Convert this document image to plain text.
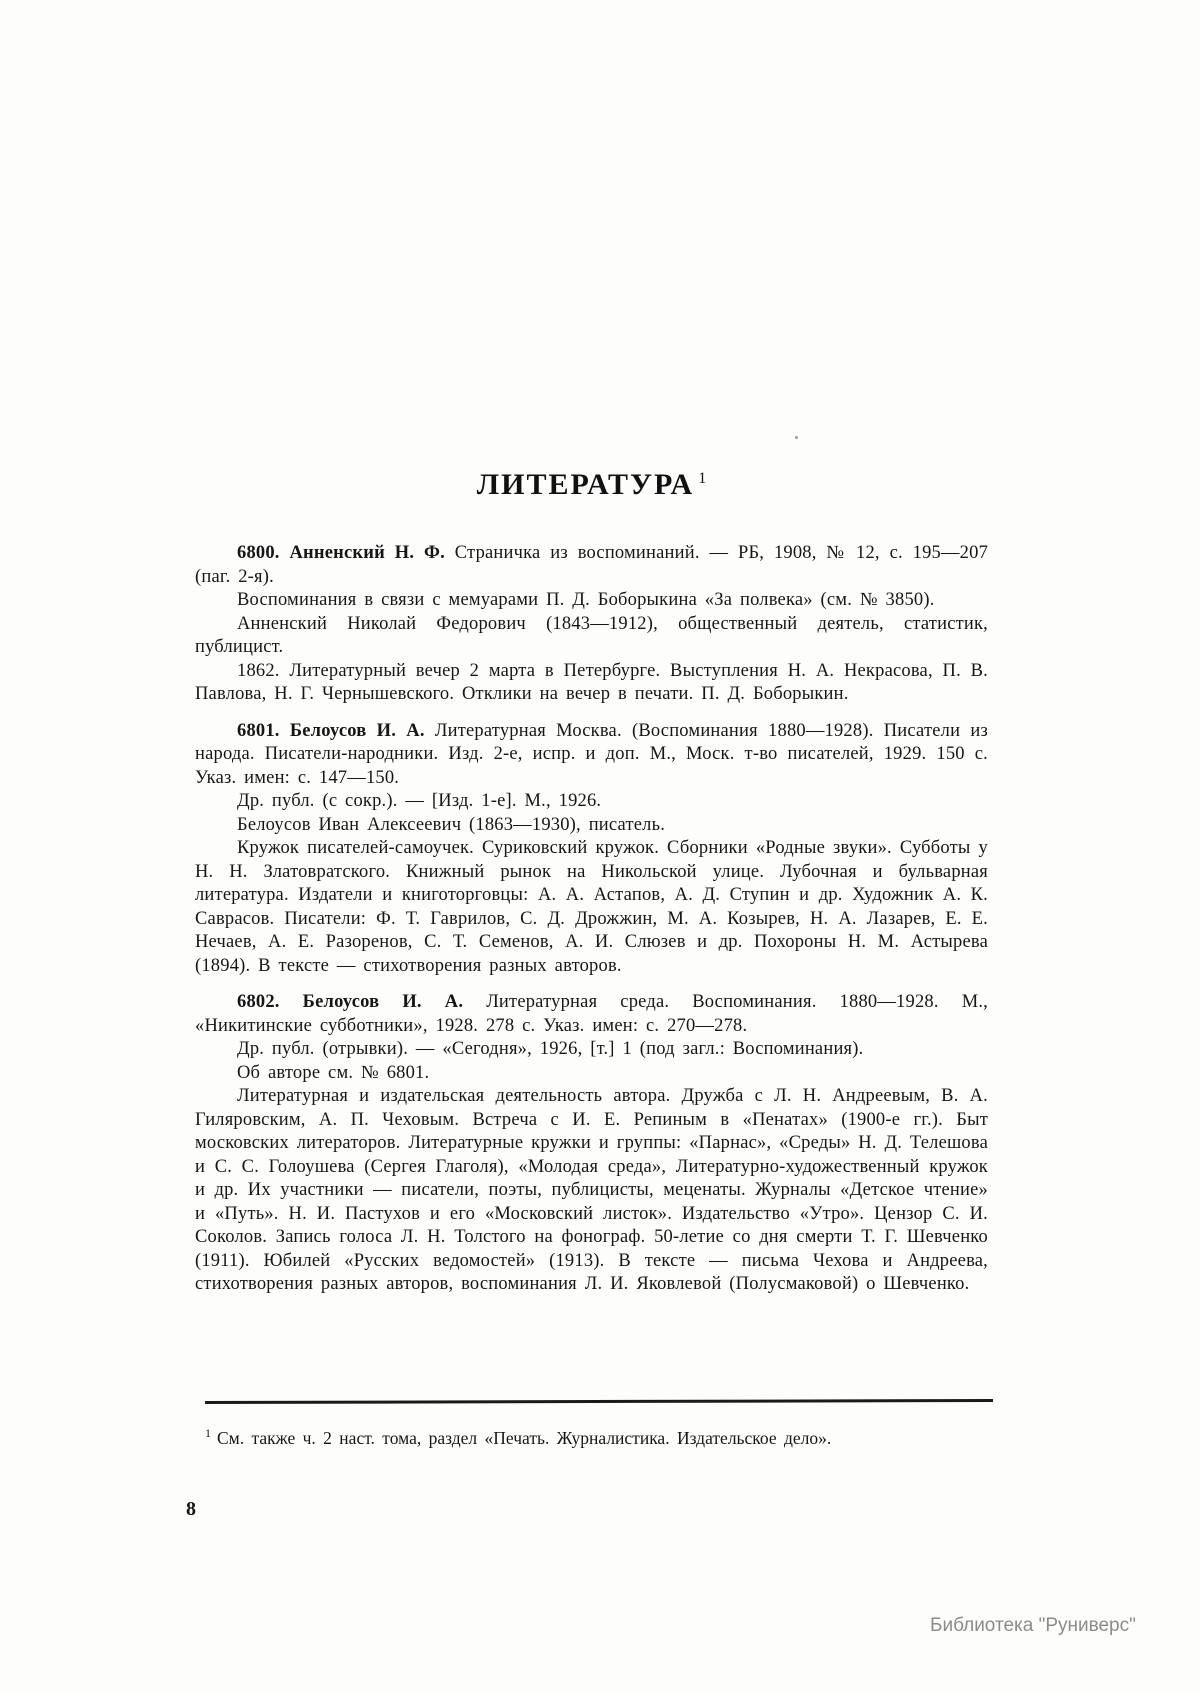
ЛИТЕРАТУРА $^1$

6800. Анненский Н. Ф. Страничка из воспоминаний. — РБ, 1908, № 12, с. 195—207 (паг. 2-я).

Воспоминания в связи с мемуарами П. Д. Боборыкина «За полвека» (см. № 3850).

Анненский Николай Федорович (1843—1912), общественный деятель, статистик, публицист.

1862. Литературный вечер 2 марта в Петербурге. Выступления Н. А. Некрасова, П. В. Павлова, Н. Г. Чернышевского. Отклики на вечер в печати. П. Д. Боборыкин.

6801. Белоусов И. А. Литературная Москва. (Воспоминания 1880—1928). Писатели из народа. Писатели-народники. Изд. 2-е, испр. и доп. М., Моск. т-во писателей, 1929. 150 с. Указ. имен: с. 147—150.

Др. публ. (с сокр.). — [Изд. 1-е]. М., 1926.

Белоусов Иван Алексеевич (1863—1930), писатель.

Кружок писателей-самоучек. Суриковский кружок. Сборники «Родные звуки». Субботы у Н. Н. Златовратского. Книжный рынок на Никольской улице. Лубочная и бульварная литература. Издатели и книготорговцы: А. А. Астапов, А. Д. Ступин и др. Художник А. К. Саврасов. Писатели: Ф. Т. Гаврилов, С. Д. Дрожжин, М. А. Козырев, Н. А. Лазарев, Е. Е. Нечаев, А. Е. Разоренов, С. Т. Семенов, А. И. Слюзев и др. Похороны Н. М. Астырева (1894). В тексте — стихотворения разных авторов.

6802. Белоусов И. А. Литературная среда. Воспоминания. 1880—1928. М., «Никитинские субботники», 1928. 278 с. Указ. имен: с. 270—278.

Др. публ. (отрывки). — «Сегодня», 1926, [т.] 1 (под загл.: Воспоминания).

Об авторе см. № 6801.

Литературная и издательская деятельность автора. Дружба с Л. Н. Андреевым, В. А. Гиляровским, А. П. Чеховым. Встреча с И. Е. Репиным в «Пенатах» (1900-е гг.). Быт московских литераторов. Литературные кружки и группы: «Парнас», «Среды» Н. Д. Телешова и С. С. Голоушева (Сергея Глаголя), «Молодая среда», Литературно-художественный кружок и др. Их участники — писатели, поэты, публицисты, меценаты. Журналы «Детское чтение» и «Путь». Н. И. Пастухов и его «Московский листок». Издательство «Утро». Цензор С. И. Соколов. Запись голоса Л. Н. Толстого на фонограф. 50-летие со дня смерти Т. Г. Шевченко (1911). Юбилей «Русских ведомостей» (1913). В тексте — письма Чехова и Андреева, стихотворения разных авторов, воспоминания Л. И. Яковлевой (Полусмаковой) о Шевченко.

$^1$ См. также ч. 2 наст. тома, раздел «Печать. Журналистика. Издательское дело».

8
Библиотека "Руниверс"
